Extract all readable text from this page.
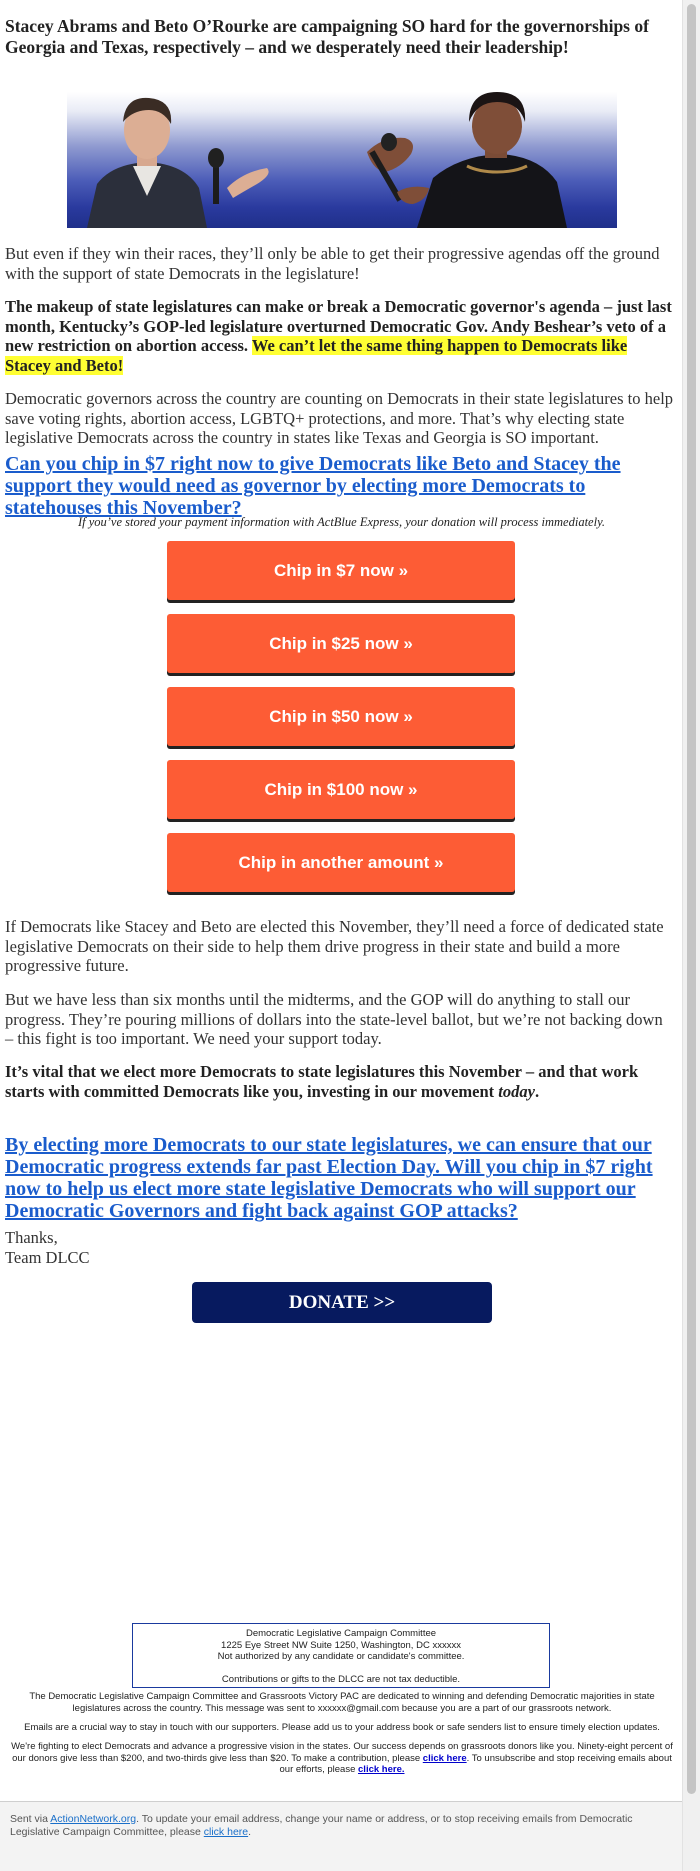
Stacey Abrams and Beto O’Rourke are campaigning SO hard for the governorships of Georgia and Texas, respectively – and we desperately need their leadership!

But even if they win their races, they’ll only be able to get their progressive agendas off the ground with the support of state Democrats in the legislature!

The makeup of state legislatures can make or break a Democratic governor's agenda – just last month, Kentucky’s GOP-led legislature overturned Democratic Gov. Andy Beshear’s veto of a new restriction on abortion access. We can’t let the same thing happen to Democrats like Stacey and Beto!

Democratic governors across the country are counting on Democrats in their state legislatures to help save voting rights, abortion access, LGBTQ+ protections, and more. That’s why electing state legislative Democrats across the country in states like Texas and Georgia is SO important.

Can you chip in $7 right now to give Democrats like Beto and Stacey the support they would need as governor by electing more Democrats to statehouses this November?

If you’ve stored your payment information with ActBlue Express, your donation will process immediately.

Chip in $7 now »
Chip in $25 now »
Chip in $50 now »
Chip in $100 now »
Chip in another amount »

If Democrats like Stacey and Beto are elected this November, they’ll need a force of dedicated state legislative Democrats on their side to help them drive progress in their state and build a more progressive future.

But we have less than six months until the midterms, and the GOP will do anything to stall our progress. They’re pouring millions of dollars into the state-level ballot, but we’re not backing down – this fight is too important. We need your support today.

It’s vital that we elect more Democrats to state legislatures this November – and that work starts with committed Democrats like you, investing in our movement today.

By electing more Democrats to our state legislatures, we can ensure that our Democratic progress extends far past Election Day. Will you chip in $7 right now to help us elect more state legislative Democrats who will support our Democratic Governors and fight back against GOP attacks?

Thanks,
Team DLCC

DONATE >>
Democratic Legislative Campaign Committee
1225 Eye Street NW Suite 1250, Washington, DC xxxxxx
Not authorized by any candidate or candidate's committee.
Contributions or gifts to the DLCC are not tax deductible.

The Democratic Legislative Campaign Committee and Grassroots Victory PAC are dedicated to winning and defending Democratic majorities in state legislatures across the country. This message was sent to xxxxxx@gmail.com because you are a part of our grassroots network.

Emails are a crucial way to stay in touch with our supporters. Please add us to your address book or safe senders list to ensure timely election updates.

We're fighting to elect Democrats and advance a progressive vision in the states. Our success depends on grassroots donors like you. Ninety-eight percent of our donors give less than $200, and two-thirds give less than $20. To make a contribution, please click here. To unsubscribe and stop receiving emails about our efforts, please click here.

Sent via ActionNetwork.org. To update your email address, change your name or address, or to stop receiving emails from Democratic Legislative Campaign Committee, please click here.
